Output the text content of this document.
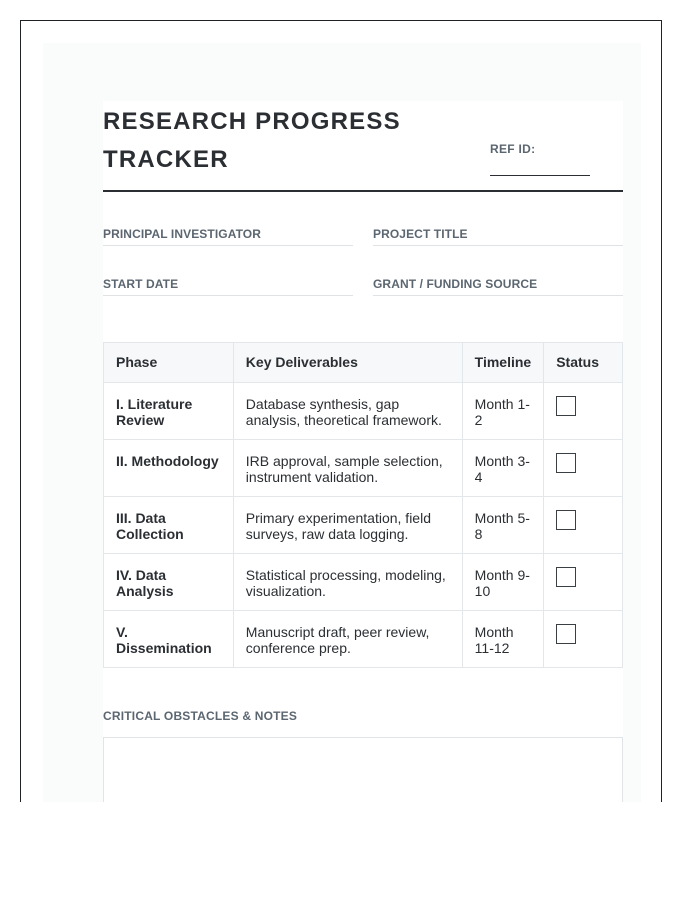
RESEARCH PROGRESS
TRACKER	REF ID:
PRINCIPAL INVESTIGATOR	PROJECT TITLE
START DATE	GRANT / FUNDING SOURCE
Phase	Key Deliverables	Timeline	Status
I. Literature Review	Database synthesis, gap analysis, theoretical framework.	Month 1-2	

II. Methodology	IRB approval, sample selection, instrument validation.	Month 3-4	

III. Data Collection	Primary experimentation, field surveys, raw data logging.	Month 5-8	

IV. Data Analysis	Statistical processing, modeling, visualization.	Month 9-10	

V. Dissemination	Manuscript draft, peer review, conference prep.	Month 11-12	
CRITICAL OBSTACLES & NOTES
